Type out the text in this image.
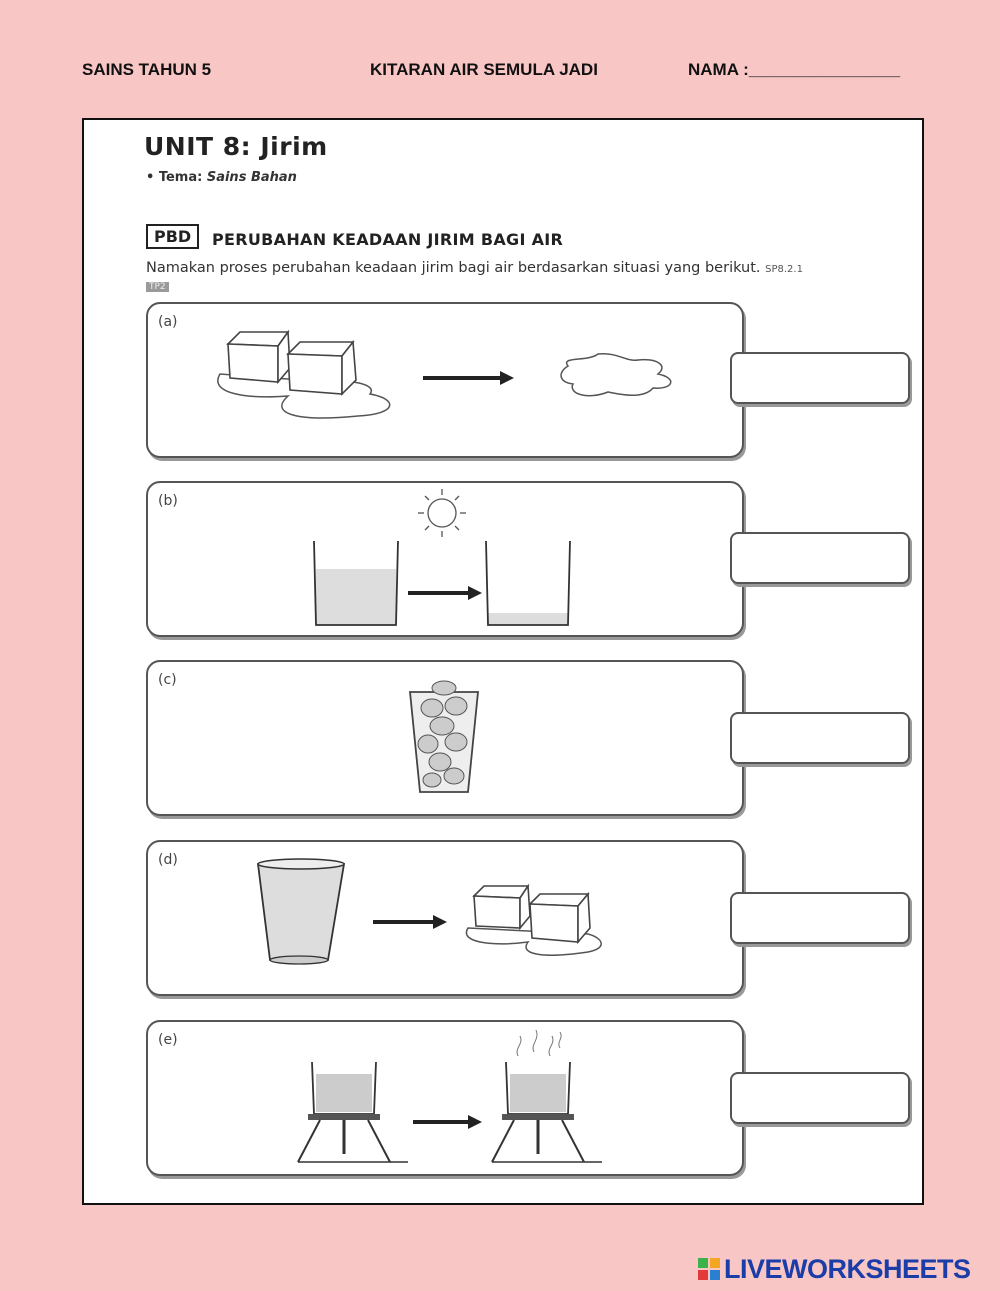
SAINS TAHUN 5	KITARAN AIR SEMULA JADI	NAMA :________________
UNIT 8: Jirim
• Tema: Sains Bahan
PBD	PERUBAHAN KEADAAN JIRIM BAGI AIR
Namakan proses perubahan keadaan jirim bagi air berdasarkan situasi yang berikut. SP8.2.1
TP2
(a)
(b)
(c)
(d)
(e)
LIVEWORKSHEETS
